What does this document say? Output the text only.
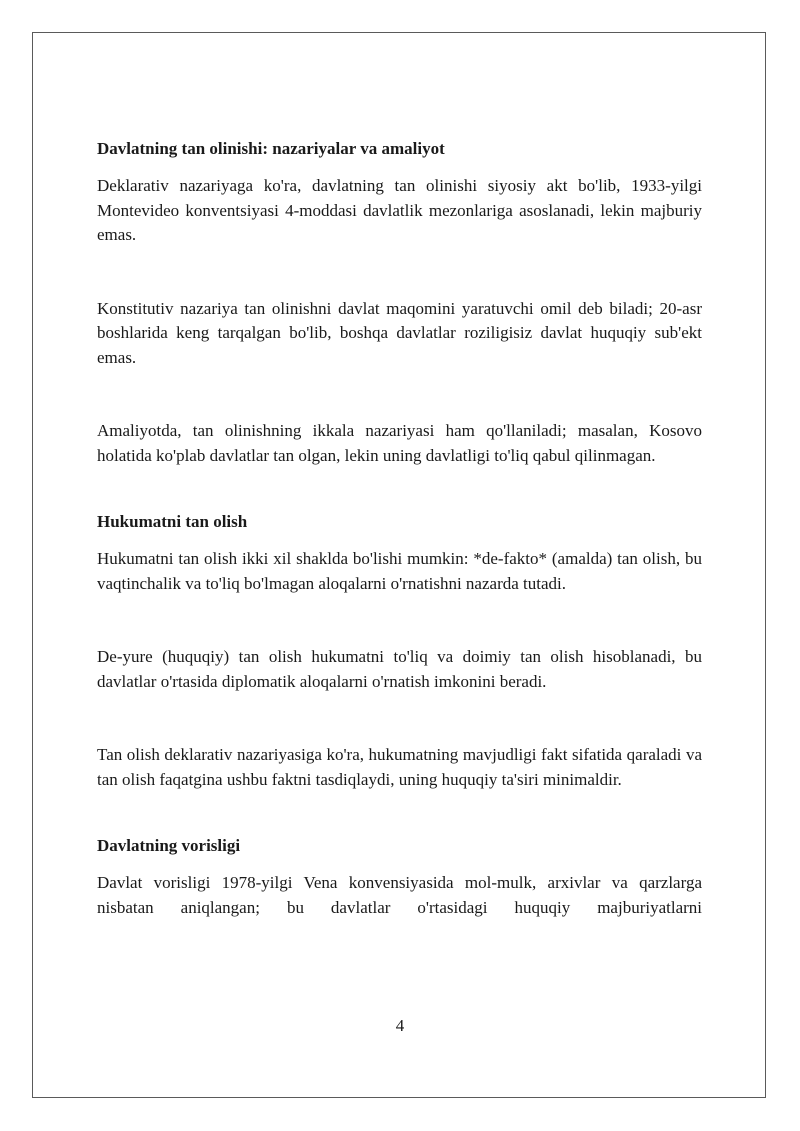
Davlatning tan olinishi: nazariyalar va amaliyot

Deklarativ nazariyaga ko'ra, davlatning tan olinishi siyosiy akt bo'lib, 1933-yilgi Montevideo konventsiyasi 4-moddasi davlatlik mezonlariga asoslanadi, lekin majburiy emas.

Konstitutiv nazariya tan olinishni davlat maqomini yaratuvchi omil deb biladi; 20-asr boshlarida keng tarqalgan bo'lib, boshqa davlatlar roziligisiz davlat huquqiy sub'ekt emas.

Amaliyotda, tan olinishning ikkala nazariyasi ham qo'llaniladi; masalan, Kosovo holatida ko'plab davlatlar tan olgan, lekin uning davlatligi to'liq qabul qilinmagan.

Hukumatni tan olish

Hukumatni tan olish ikki xil shaklda bo'lishi mumkin: *de-fakto* (amalda) tan olish, bu vaqtinchalik va to'liq bo'lmagan aloqalarni o'rnatishni nazarda tutadi.

De-yure (huquqiy) tan olish hukumatni to'liq va doimiy tan olish hisoblanadi, bu davlatlar o'rtasida diplomatik aloqalarni o'rnatish imkonini beradi.

Tan olish deklarativ nazariyasiga ko'ra, hukumatning mavjudligi fakt sifatida qaraladi va tan olish faqatgina ushbu faktni tasdiqlaydi, uning huquqiy ta'siri minimaldir.

Davlatning vorisligi

Davlat vorisligi 1978-yilgi Vena konvensiyasida mol-mulk, arxivlar va qarzlarga nisbatan aniqlangan; bu davlatlar o'rtasidagi huquqiy majburiyatlarni

4
